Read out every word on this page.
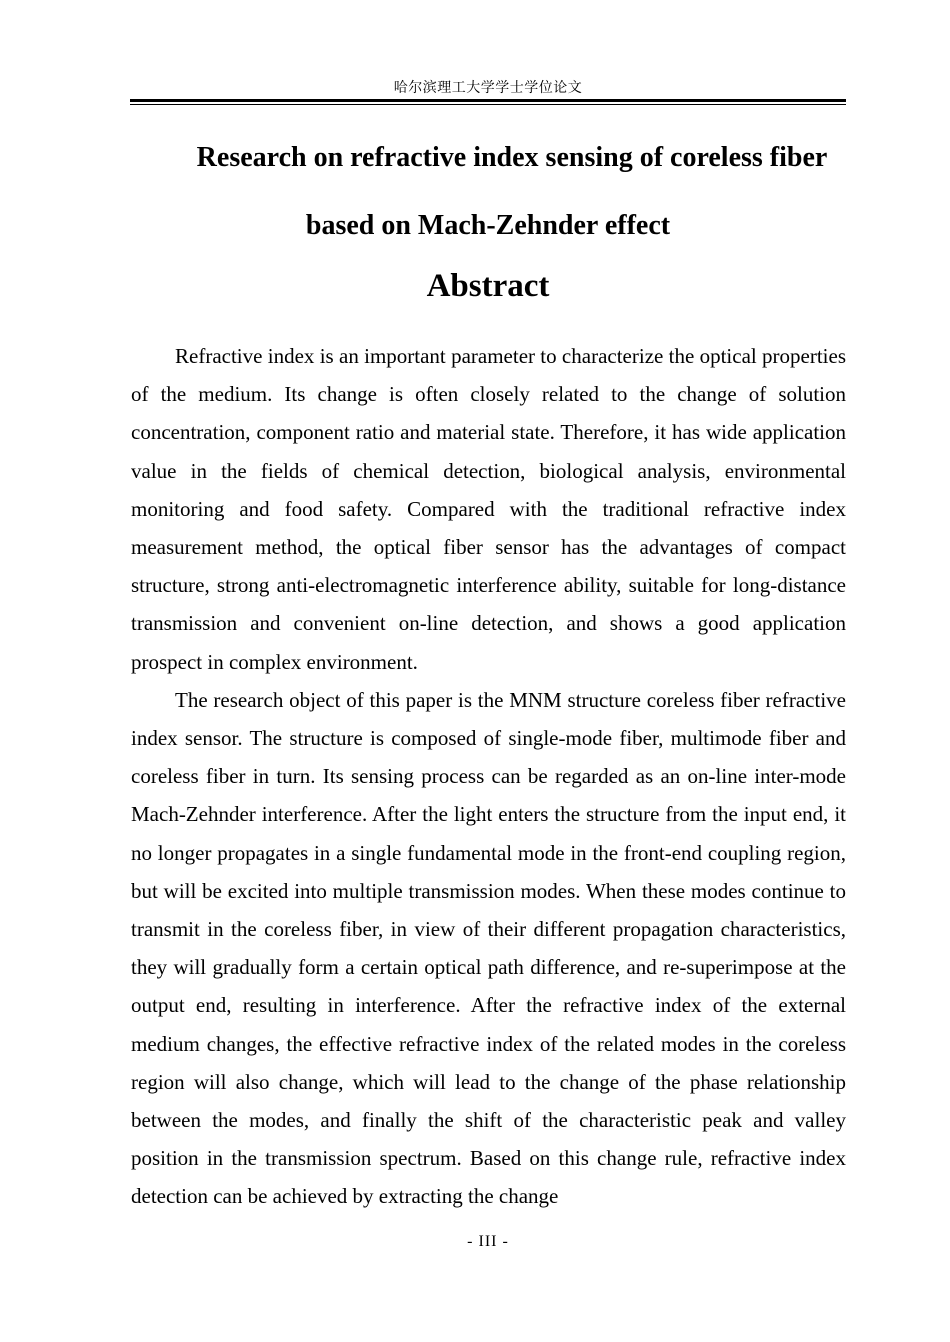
哈尔滨理工大学学士学位论文
Research on refractive index sensing of coreless fiber
based on Mach-Zehnder effect
Abstract

Refractive index is an important parameter to characterize the optical properties of the medium. Its change is often closely related to the change of solution concentration, component ratio and material state. Therefore, it has wide application value in the fields of chemical detection, biological analysis, environmental monitoring and food safety. Compared with the traditional refractive index measurement method, the optical fiber sensor has the advantages of compact structure, strong anti-electromagnetic interference ability, suitable for long-distance transmission and convenient on-line detection, and shows a good application prospect in complex environment.

The research object of this paper is the MNM structure coreless fiber refractive index sensor. The structure is composed of single-mode fiber, multimode fiber and coreless fiber in turn. Its sensing process can be regarded as an on-line inter-mode Mach-Zehnder interference. After the light enters the structure from the input end, it no longer propagates in a single fundamental mode in the front-end coupling region, but will be excited into multiple transmission modes. When these modes continue to transmit in the coreless fiber, in view of their different propagation characteristics, they will gradually form a certain optical path difference, and re-superimpose at the output end, resulting in interference. After the refractive index of the external medium changes, the effective refractive index of the related modes in the coreless region will also change, which will lead to the change of the phase relationship between the modes, and finally the shift of the characteristic peak and valley position in the transmission spectrum. Based on this change rule, refractive index detection can be achieved by extracting the change

- III -
